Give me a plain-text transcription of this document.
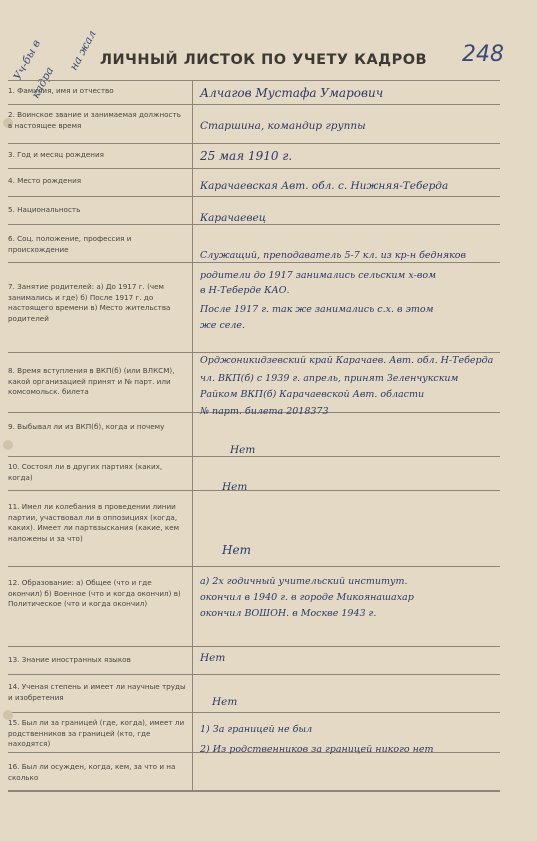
Уч-бы в
кадра
на жал ЛИЧНЫЙ ЛИСТОК ПО УЧЕТУ КАДРОВ	248
1. Фамилия, имя и отчество	Алчагов Мустафа Умарович
2. Воинское звание и занимаемая должность в настоящее время	Старшина, командир группы
3. Год и месяц рождения	25 мая 1910 г.
4. Место рождения	Карачаевская Авт. обл. с. Нижняя-Теберда
5. Национальность
Карачаевец
6. Соц. положение, профессия и происхождение
Служащий, преподаватель 5-7 кл. из кр-н бедняков
7. Занятие родителей: а) До 1917 г. (чем занимались и где) б) После 1917 г. до настоящего времени в) Место жительства родителей
родители до 1917 занимались сельским х-вом
в Н-Теберде КАО.
После 1917 г. так же занимались с.х. в этом
же селе.
8. Время вступления в ВКП(б) (или ВЛКСМ), какой организацией принят и № парт. или комсомольск. билета
Орджоникидзевский край Карачаев. Авт. обл. Н-Теберда
чл. ВКП(б) с 1939 г. апрель, принят Зеленчукским
Райком ВКП(б) Карачаевской Авт. области
№ парт. билета 2018373
9. Выбывал ли из ВКП(б), когда и почему
Нет
10. Состоял ли в других партиях (каких, когда)
Нет
11. Имел ли колебания в проведении линии партии, участвовал ли в оппозициях (когда, каких). Имеет ли партвзыскания (какие, кем наложены и за что)
Нет
12. Образование: а) Общее (что и где окончил) б) Военное (что и когда окончил) в) Политическое (что и когда окончил)
а) 2х годичный учительский институт.
окончил в 1940 г. в городе Микоянашахар
окончил ВОШОН. в Москве 1943 г.
13. Знание иностранных языков	Нет
14. Ученая степень и имеет ли научные труды и изобретения	Нет
15. Был ли за границей (где, когда), имеет ли родственников за границей (кто, где находятся)
1) За границей не был
2) Из родственников за границей никого нет
16. Был ли осужден, когда, кем, за что и на сколько
